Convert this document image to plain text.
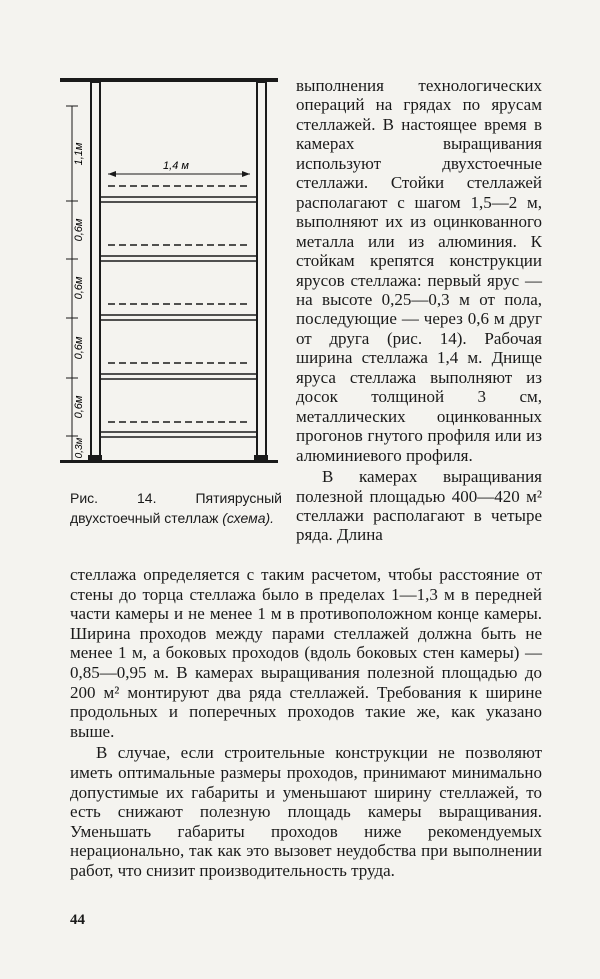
1,4 м
1,1м
0,6м
0,6м
0,6м
0,6м
0,3м
Рис. 14. Пятиярусный двухстоечный стеллаж (схема).

выполнения технологических операций на грядах по ярусам стеллажей. В настоящее время в камерах выращивания используют двухстоечные стеллажи. Стойки стеллажей располагают с шагом 1,5—2 м, выполняют их из оцинкованного металла или из алюминия. К стойкам крепятся конструкции ярусов стеллажа: первый ярус — на высоте 0,25—0,3 м от пола, последующие — через 0,6 м друг от друга (рис. 14). Рабочая ширина стеллажа 1,4 м. Днище яруса стеллажа выполняют из досок толщиной 3 см, металлических оцинкованных прогонов гнутого профиля или из алюминиевого профиля.

В камерах выращивания полезной площадью 400—420 м² стеллажи располагают в четыре ряда. Длина

стеллажа определяется с таким расчетом, чтобы расстояние от стены до торца стеллажа было в пределах 1—1,3 м в передней части камеры и не менее 1 м в противоположном конце камеры. Ширина проходов между парами стеллажей должна быть не менее 1 м, а боковых проходов (вдоль боковых стен камеры) — 0,85—0,95 м. В камерах выращивания полезной площадью до 200 м² монтируют два ряда стеллажей. Требования к ширине продольных и поперечных проходов такие же, как указано выше.

В случае, если строительные конструкции не позволяют иметь оптимальные размеры проходов, принимают минимально допустимые их габариты и уменьшают ширину стеллажей, то есть снижают полезную площадь камеры выращивания. Уменьшать габариты проходов ниже рекомендуемых нерационально, так как это вызовет неудобства при выполнении работ, что снизит производительность труда.

44
